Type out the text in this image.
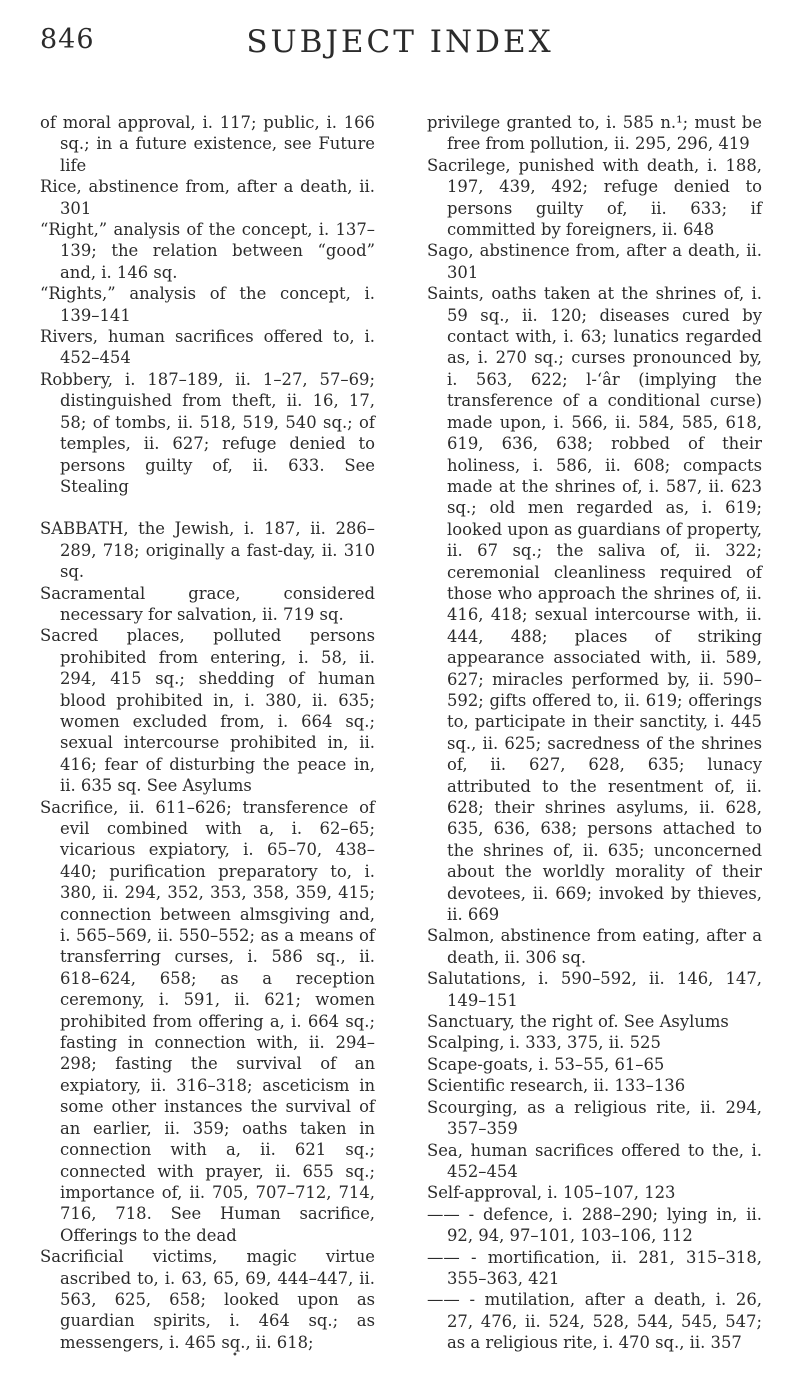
846	SUBJECT INDEX

of moral approval, i. 117; public, i. 166 sq.; in a future existence, see Future life

Rice, abstinence from, after a death, ii. 301

“Right,” analysis of the concept, i. 137–139; the relation between “good” and, i. 146 sq.

“Rights,” analysis of the concept, i. 139–141

Rivers, human sacrifices offered to, i. 452–454

Robbery, i. 187–189, ii. 1–27, 57–69; distinguished from theft, ii. 16, 17, 58; of tombs, ii. 518, 519, 540 sq.; of temples, ii. 627; refuge denied to persons guilty of, ii. 633. See Stealing

SABBATH, the Jewish, i. 187, ii. 286–289, 718; originally a fast-day, ii. 310 sq.

Sacramental grace, considered necessary for salvation, ii. 719 sq.

Sacred places, polluted persons prohibited from entering, i. 58, ii. 294, 415 sq.; shedding of human blood prohibited in, i. 380, ii. 635; women excluded from, i. 664 sq.; sexual intercourse prohibited in, ii. 416; fear of disturbing the peace in, ii. 635 sq. See Asylums

Sacrifice, ii. 611–626; transference of evil combined with a, i. 62–65; vicarious expiatory, i. 65–70, 438–440; purification preparatory to, i. 380, ii. 294, 352, 353, 358, 359, 415; connection between almsgiving and, i. 565–569, ii. 550–552; as a means of transferring curses, i. 586 sq., ii. 618–624, 658; as a reception ceremony, i. 591, ii. 621; women prohibited from offering a, i. 664 sq.; fasting in connection with, ii. 294–298; fasting the survival of an expiatory, ii. 316–318; asceticism in some other instances the survival of an earlier, ii. 359; oaths taken in connection with a, ii. 621 sq.; connected with prayer, ii. 655 sq.; importance of, ii. 705, 707–712, 714, 716, 718. See Human sacrifice, Offerings to the dead

Sacrificial victims, magic virtue ascribed to, i. 63, 65, 69, 444–447, ii. 563, 625, 658; looked upon as guardian spirits, i. 464 sq.; as messengers, i. 465 sq., ii. 618;

privilege granted to, i. 585 n.¹; must be free from pollution, ii. 295, 296, 419

Sacrilege, punished with death, i. 188, 197, 439, 492; refuge denied to persons guilty of, ii. 633; if committed by foreigners, ii. 648

Sago, abstinence from, after a death, ii. 301

Saints, oaths taken at the shrines of, i. 59 sq., ii. 120; diseases cured by contact with, i. 63; lunatics regarded as, i. 270 sq.; curses pronounced by, i. 563, 622; l-‘âr (implying the transference of a conditional curse) made upon, i. 566, ii. 584, 585, 618, 619, 636, 638; robbed of their holiness, i. 586, ii. 608; compacts made at the shrines of, i. 587, ii. 623 sq.; old men regarded as, i. 619; looked upon as guardians of property, ii. 67 sq.; the saliva of, ii. 322; ceremonial cleanliness required of those who approach the shrines of, ii. 416, 418; sexual intercourse with, ii. 444, 488; places of striking appearance associated with, ii. 589, 627; miracles performed by, ii. 590–592; gifts offered to, ii. 619; offerings to, participate in their sanctity, i. 445 sq., ii. 625; sacredness of the shrines of, ii. 627, 628, 635; lunacy attributed to the resentment of, ii. 628; their shrines asylums, ii. 628, 635, 636, 638; persons attached to the shrines of, ii. 635; unconcerned about the worldly morality of their devotees, ii. 669; invoked by thieves, ii. 669

Salmon, abstinence from eating, after a death, ii. 306 sq.

Salutations, i. 590–592, ii. 146, 147, 149–151

Sanctuary, the right of. See Asylums

Scalping, i. 333, 375, ii. 525

Scape-goats, i. 53–55, 61–65

Scientific research, ii. 133–136

Scourging, as a religious rite, ii. 294, 357–359

Sea, human sacrifices offered to the, i. 452–454

Self-approval, i. 105–107, 123

—— - defence, i. 288–290; lying in, ii. 92, 94, 97–101, 103–106, 112

—— - mortification, ii. 281, 315–318, 355–363, 421

—— - mutilation, after a death, i. 26, 27, 476, ii. 524, 528, 544, 545, 547; as a religious rite, i. 470 sq., ii. 357

•
